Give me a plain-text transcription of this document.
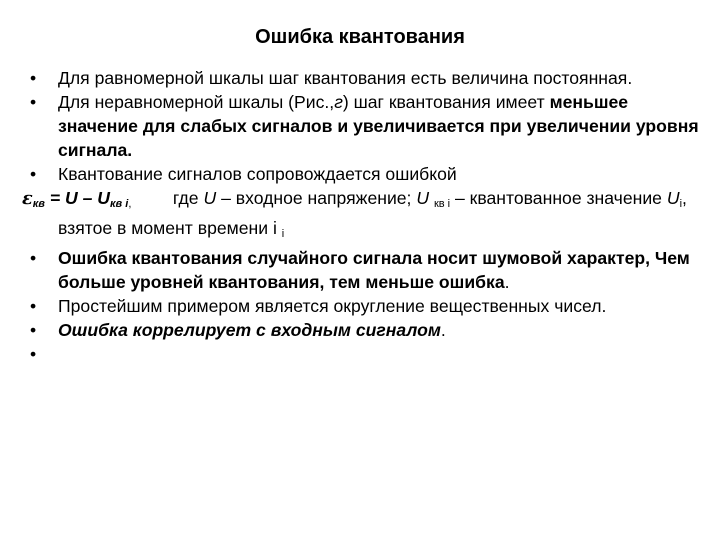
Ошибка квантования
• Для равномерной шкалы шаг квантования есть величина постоянная.
• Для неравномерной шкалы (Рис.,г) шаг квантования имеет меньшее значение для слабых сигналов и увеличивается при увеличении уровня сигнала.
• Квантование сигналов сопровождается ошибкой
$\varepsilon_{кв} = U - U_{кв i,}$ где U – входное напряжение; U $_{кв i}$ – квантованное значение $U_i$, взятое в момент времени i $_i$
• Ошибка квантования случайного сигнала носит шумовой характер, Чем больше уровней квантования, тем меньше ошибка.
• Простейшим примером является округление вещественных чисел.
• Ошибка коррелирует с входным сигналом.
•
